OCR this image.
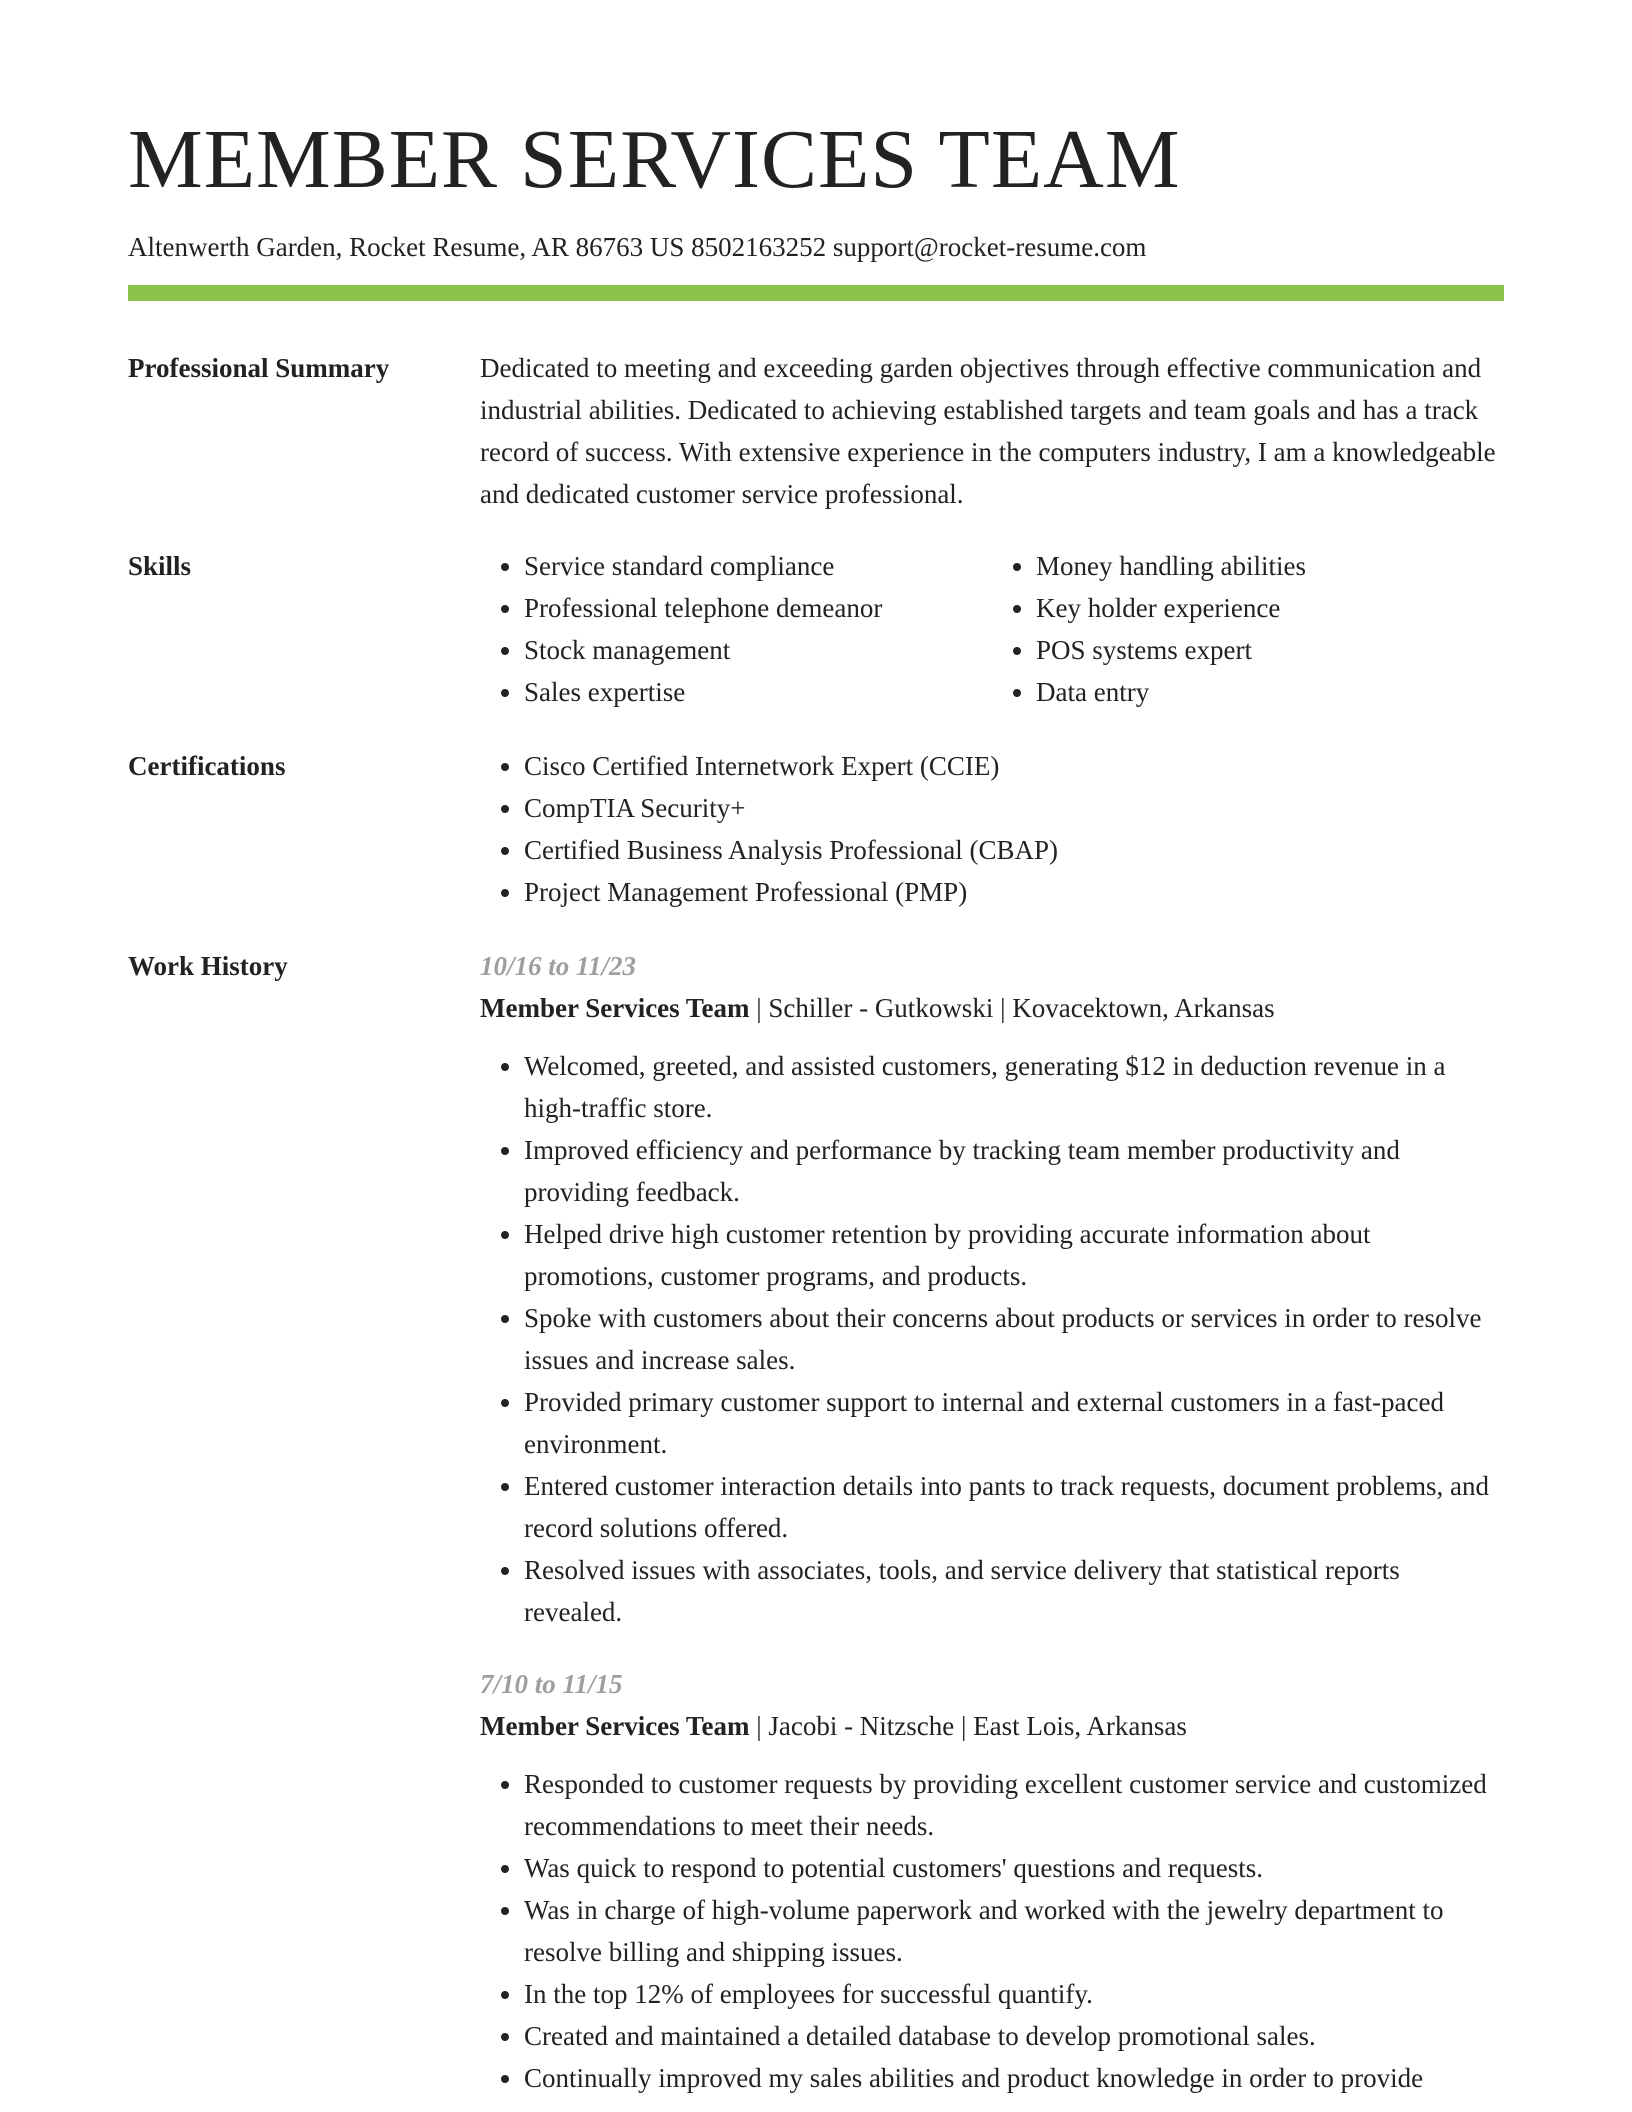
MEMBER SERVICES TEAM
Altenwerth Garden, Rocket Resume, AR 86763 US 8502163252 support@rocket-resume.com
Professional Summary	Dedicated to meeting and exceeding garden objectives through effective communication and industrial abilities. Dedicated to achieving established targets and team goals and has a track record of success. With extensive experience in the computers industry, I am a knowledgeable and dedicated customer service professional.

Skills	• Service standard compliance
• Professional telephone demeanor
• Stock management
• Sales expertise
• Money handling abilities
• Key holder experience
• POS systems expert
• Data entry
Certifications	• Cisco Certified Internetwork Expert (CCIE)
• CompTIA Security+
• Certified Business Analysis Professional (CBAP)
• Project Management Professional (PMP)
Work History	10/16 to 11/23
Member Services Team | Schiller - Gutkowski | Kovacektown, Arkansas
• Welcomed, greeted, and assisted customers, generating $12 in deduction revenue in a high-traffic store.
• Improved efficiency and performance by tracking team member productivity and providing feedback.
• Helped drive high customer retention by providing accurate information about promotions, customer programs, and products.
• Spoke with customers about their concerns about products or services in order to resolve issues and increase sales.
• Provided primary customer support to internal and external customers in a fast-paced environment.
• Entered customer interaction details into pants to track requests, document problems, and record solutions offered.
• Resolved issues with associates, tools, and service delivery that statistical reports revealed.
7/10 to 11/15
Member Services Team | Jacobi - Nitzsche | East Lois, Arkansas
• Responded to customer requests by providing excellent customer service and customized recommendations to meet their needs.
• Was quick to respond to potential customers' questions and requests.
• Was in charge of high-volume paperwork and worked with the jewelry department to resolve billing and shipping issues.
• In the top 12% of employees for successful quantify.
• Created and maintained a detailed database to develop promotional sales.
• Continually improved my sales abilities and product knowledge in order to provide
